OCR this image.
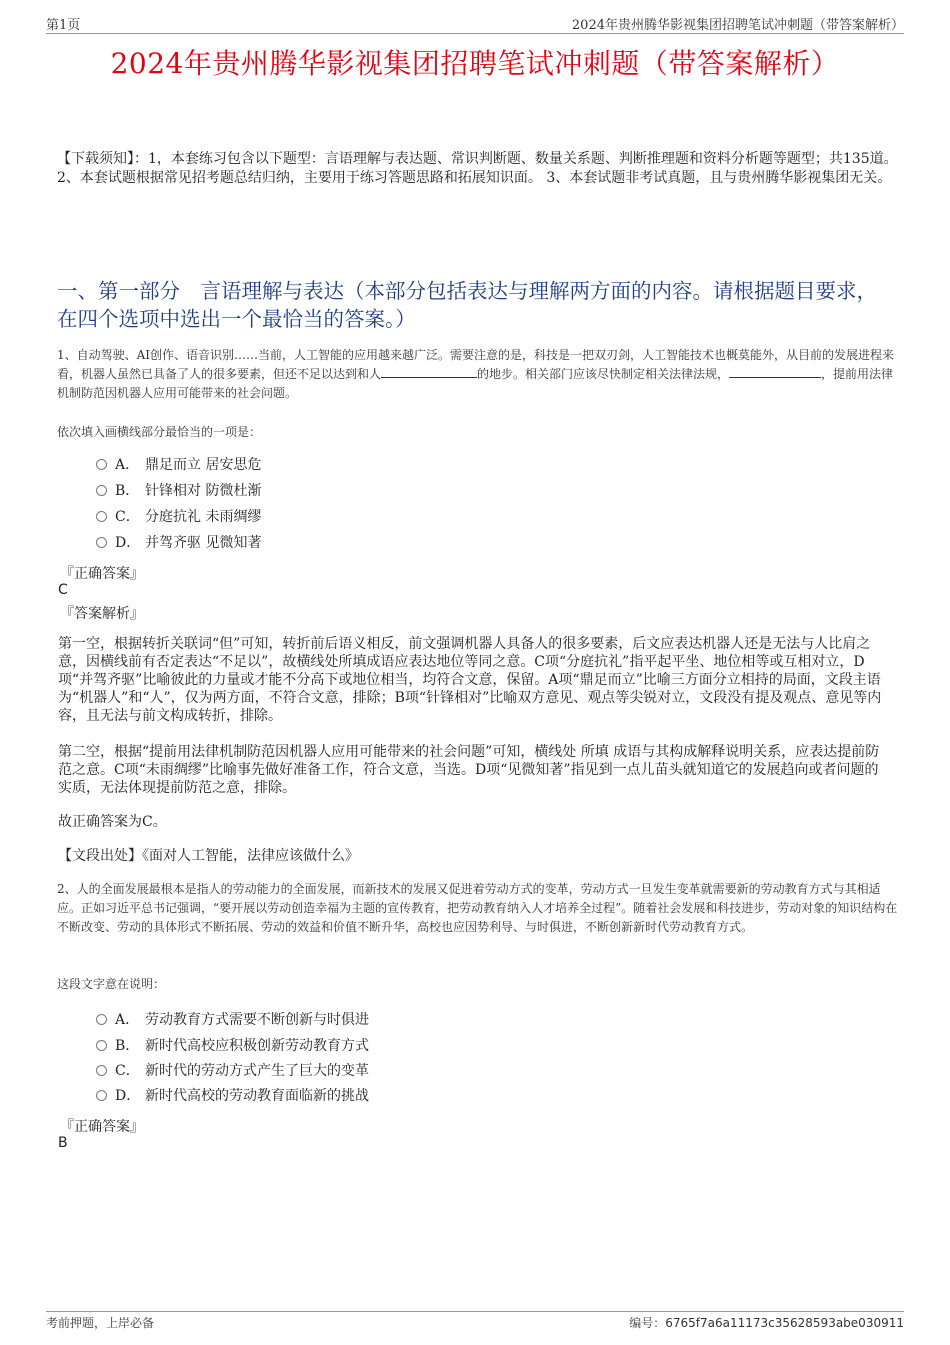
第1页	2024年贵州腾华影视集团招聘笔试冲刺题（带答案解析）
2024年贵州腾华影视集团招聘笔试冲刺题（带答案解析）
【下载须知】：1，本套练习包含以下题型：言语理解与表达题、常识判断题、数量关系题、判断推理题和资料分析题等题型；共135道。 2、本套试题根据常见招考题总结归纳，主要用于练习答题思路和拓展知识面。 3、本套试题非考试真题，且与贵州腾华影视集团无关。
一、第一部分　言语理解与表达（本部分包括表达与理解两方面的内容。请根据题目要求，在四个选项中选出一个最恰当的答案。）
1、自动驾驶、AI创作、语音识别……当前，人工智能的应用越来越广泛。需要注意的是，科技是一把双刃剑，人工智能技术也概莫能外，从目前的发展进程来看，机器人虽然已具备了人的很多要素，但还不足以达到和人	的地步。相关部门应该尽快制定相关法律法规，	，提前用法律机制防范因机器人应用可能带来的社会问题。
依次填入画横线部分最恰当的一项是：
A． 鼎足而立 居安思危
B． 针锋相对 防微杜渐
C． 分庭抗礼 未雨绸缪
D． 并驾齐驱 见微知著
『正确答案』
C
『答案解析』
第一空，根据转折关联词“但”可知，转折前后语义相反，前文强调机器人具备人的很多要素，后文应表达机器人还是无法与人比肩之意，因横线前有否定表达“不足以”，故横线处所填成语应表达地位等同之意。C项“分庭抗礼”指平起平坐、地位相等或互相对立，D项“并驾齐驱”比喻彼此的力量或才能不分高下或地位相当，均符合文意，保留。A项“鼎足而立”比喻三方面分立相持的局面，文段主语为“机器人”和“人”，仅为两方面，不符合文意，排除；B项“针锋相对”比喻双方意见、观点等尖锐对立，文段没有提及观点、意见等内容，且无法与前文构成转折，排除。
第二空，根据“提前用法律机制防范因机器人应用可能带来的社会问题”可知，横线处 所填 成语与其构成解释说明关系，应表达提前防范之意。C项“未雨绸缪”比喻事先做好准备工作，符合文意，当选。D项“见微知著”指见到一点儿苗头就知道它的发展趋向或者问题的实质，无法体现提前防范之意，排除。
故正确答案为C。
【文段出处】《面对人工智能，法律应该做什么》
2、人的全面发展最根本是指人的劳动能力的全面发展，而新技术的发展又促进着劳动方式的变革，劳动方式一旦发生变革就需要新的劳动教育方式与其相适应。正如习近平总书记强调，“要开展以劳动创造幸福为主题的宣传教育，把劳动教育纳入人才培养全过程”。随着社会发展和科技进步，劳动对象的知识结构在不断改变、劳动的具体形式不断拓展、劳动的效益和价值不断升华，高校也应因势利导、与时俱进，不断创新新时代劳动教育方式。
这段文字意在说明：
A． 劳动教育方式需要不断创新与时俱进
B． 新时代高校应积极创新劳动教育方式
C． 新时代的劳动方式产生了巨大的变革
D． 新时代高校的劳动教育面临新的挑战
『正确答案』
B
考前押题，上岸必备	编号：6765f7a6a11173c35628593abe030911
